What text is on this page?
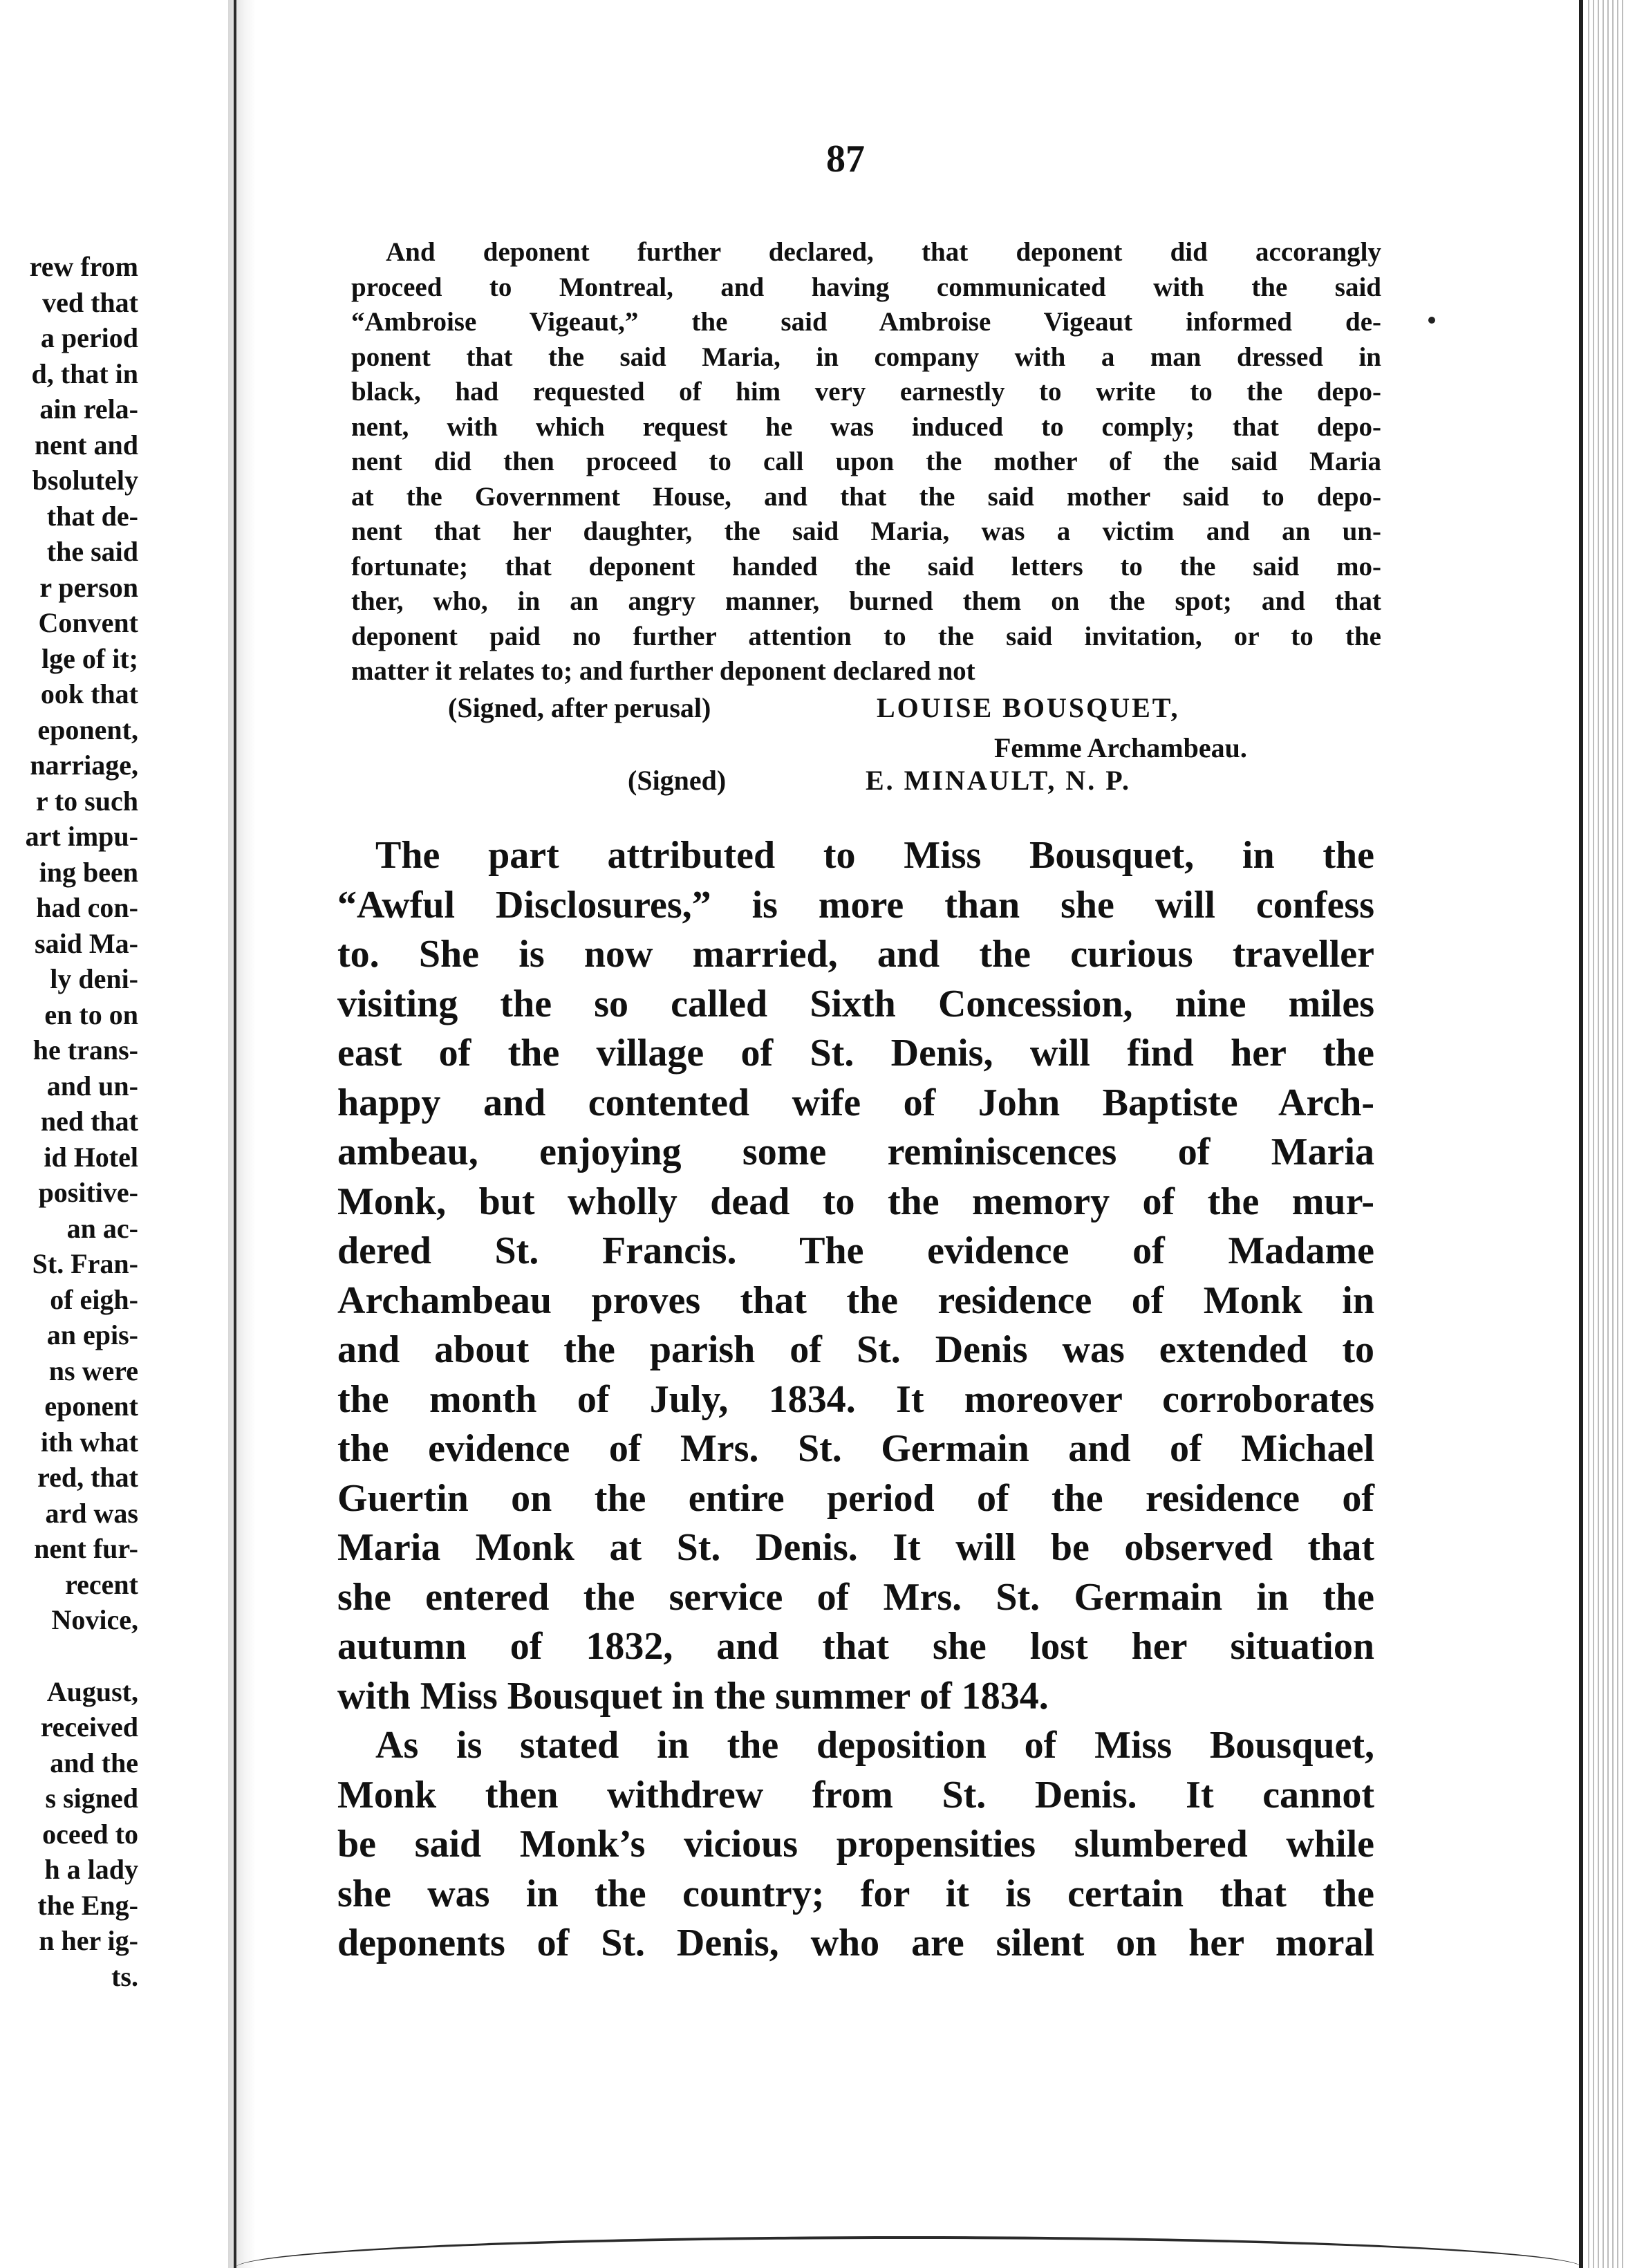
rew from
ved that
a period
d, that in
ain rela-
nent and
bsolutely
that de-
the said
r person
Convent
lge of it;
ook that
eponent,
narriage,
r to such
art impu-
ing been
had con-
said Ma-
ly deni-
en to on
he trans-
and un-
ned that
id Hotel
positive-
an ac-
St. Fran-
of eigh-
an epis-
ns were
eponent
ith what
red, that
ard was
nent fur-
recent
Novice,
August,
received
and the
s signed
oceed to
h a lady
the Eng-
n her ig-
ts.
87
And deponent further declared, that deponent did accorangly
proceed to Montreal, and having communicated with the said
“Ambroise Vigeaut,” the said Ambroise Vigeaut informed de-
ponent that the said Maria, in company with a man dressed in
black, had requested of him very earnestly to write to the depo-
nent, with which request he was induced to comply; that depo-
nent did then proceed to call upon the mother of the said Maria
at the Government House, and that the said mother said to depo-
nent that her daughter, the said Maria, was a victim and an un-
fortunate; that deponent handed the said letters to the said mo-
ther, who, in an angry manner, burned them on the spot; and that
deponent paid no further attention to the said invitation, or to the
matter it relates to; and further deponent declared not
(Signed, after perusal)	LOUISE BOUSQUET,
Femme Archambeau.
(Signed)	E. MINAULT, N. P.
The part attributed to Miss Bousquet, in the
“Awful Disclosures,” is more than she will confess
to. She is now married, and the curious traveller
visiting the so called Sixth Concession, nine miles
east of the village of St. Denis, will find her the
happy and contented wife of John Baptiste Arch-
ambeau, enjoying some reminiscences of Maria
Monk, but wholly dead to the memory of the mur-
dered St. Francis. The evidence of Madame
Archambeau proves that the residence of Monk in
and about the parish of St. Denis was extended to
the month of July, 1834. It moreover corroborates
the evidence of Mrs. St. Germain and of Michael
Guertin on the entire period of the residence of
Maria Monk at St. Denis. It will be observed that
she entered the service of Mrs. St. Germain in the
autumn of 1832, and that she lost her situation
with Miss Bousquet in the summer of 1834.
As is stated in the deposition of Miss Bousquet,
Monk then withdrew from St. Denis. It cannot
be said Monk’s vicious propensities slumbered while
she was in the country; for it is certain that the
deponents of St. Denis, who are silent on her moral
